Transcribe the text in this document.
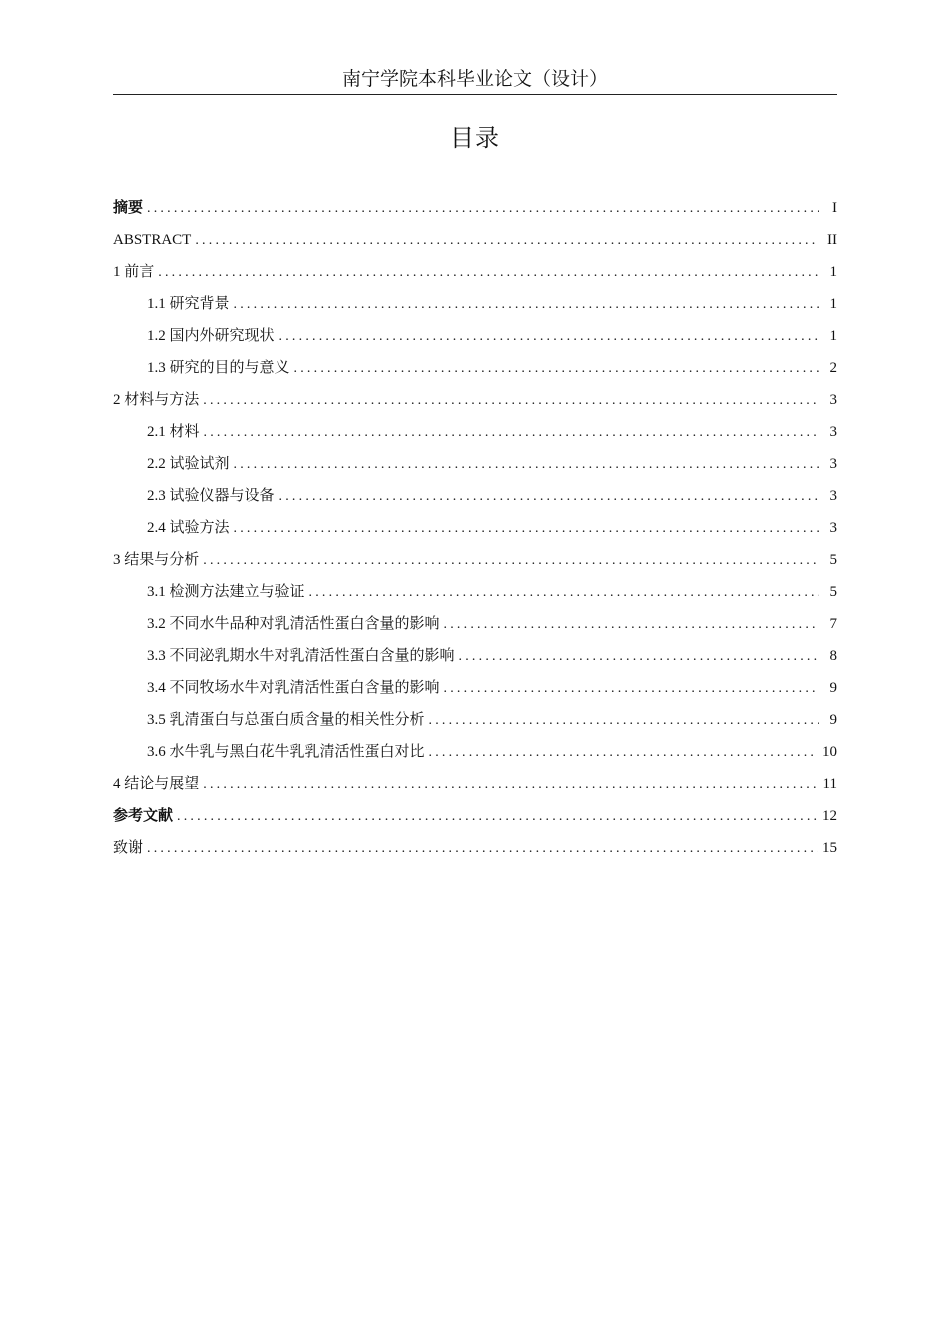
南宁学院本科毕业论文（设计）
目录
摘要 .....	I
ABSTRACT .....	II
1 前言 .....	1
1.1 研究背景 .....	1
1.2 国内外研究现状 .....	1
1.3 研究的目的与意义 .....	2
2 材料与方法 .....	3
2.1 材料 .....	3
2.2 试验试剂 .....	3
2.3 试验仪器与设备 .....	3
2.4 试验方法 .....	3
3 结果与分析 .....	5
3.1 检测方法建立与验证 .....	5
3.2 不同水牛品种对乳清活性蛋白含量的影响 .....	7
3.3 不同泌乳期水牛对乳清活性蛋白含量的影响 .....	8
3.4 不同牧场水牛对乳清活性蛋白含量的影响 .....	9
3.5 乳清蛋白与总蛋白质含量的相关性分析 .....	9
3.6 水牛乳与黑白花牛乳乳清活性蛋白对比 .....	10
4 结论与展望 .....	11
参考文献 .....	12
致谢 .....	15
